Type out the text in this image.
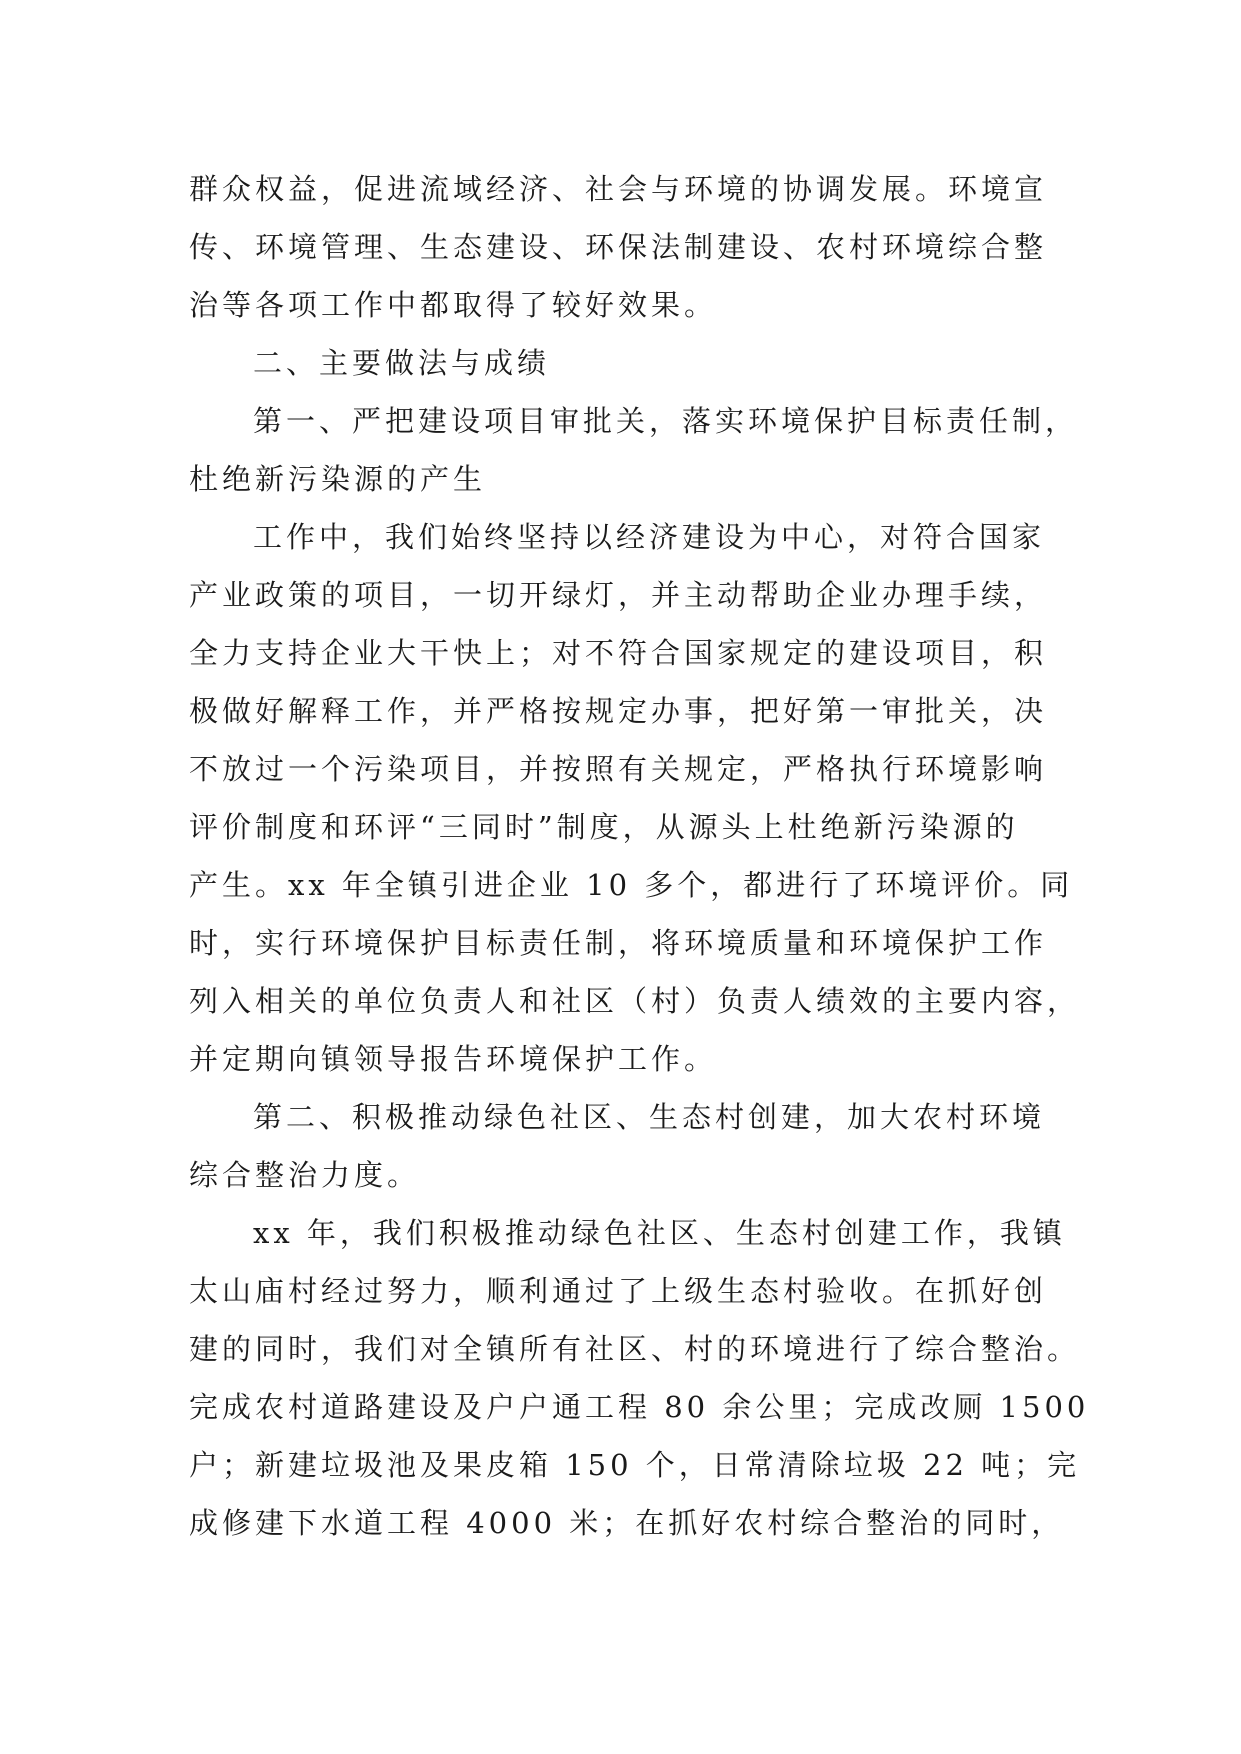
群众权益，促进流域经济、社会与环境的协调发展。环境宣
传、环境管理、生态建设、环保法制建设、农村环境综合整
治等各项工作中都取得了较好效果。
二、主要做法与成绩
第一、严把建设项目审批关，落实环境保护目标责任制，
杜绝新污染源的产生
工作中，我们始终坚持以经济建设为中心，对符合国家
产业政策的项目，一切开绿灯，并主动帮助企业办理手续，
全力支持企业大干快上；对不符合国家规定的建设项目，积
极做好解释工作，并严格按规定办事，把好第一审批关，决
不放过一个污染项目，并按照有关规定，严格执行环境影响
评价制度和环评“三同时”制度，从源头上杜绝新污染源的
产生。xx 年全镇引进企业 10 多个，都进行了环境评价。同
时，实行环境保护目标责任制，将环境质量和环境保护工作
列入相关的单位负责人和社区（村）负责人绩效的主要内容，
并定期向镇领导报告环境保护工作。
第二、积极推动绿色社区、生态村创建，加大农村环境
综合整治力度。
xx 年，我们积极推动绿色社区、生态村创建工作，我镇
太山庙村经过努力，顺利通过了上级生态村验收。在抓好创
建的同时，我们对全镇所有社区、村的环境进行了综合整治。
完成农村道路建设及户户通工程 80 余公里；完成改厕 1500
户；新建垃圾池及果皮箱 150 个，日常清除垃圾 22 吨；完
成修建下水道工程 4000 米；在抓好农村综合整治的同时，
